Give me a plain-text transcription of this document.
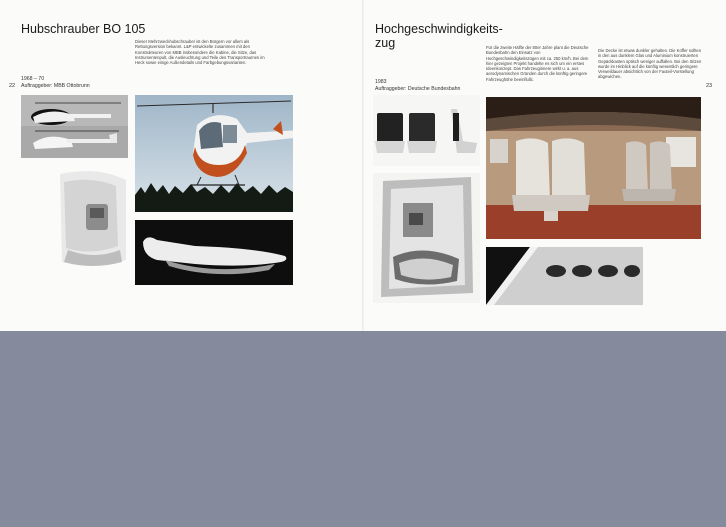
Hubschrauber BO 105
Dieser Mehrzweckhubschrauber ist den Bürgern vor allem als Rettungsversion bekannt. L&P entwickelte zusammen mit den Konstrukteuren von MBB insbesondere die Kabine, die Sitze, das Instrumentenpult, die Ausleuchtung und Teile des Transportraumes im Heck sowie einige Außendetails und Farbgebungsvarianten.
1968 – 70
22 Auftraggeber: MBB Ottobrunn
Hochgeschwindigkeits-
zug	Für die zweite Hälfte der 80er Jahre plant die Deutsche Bundesbahn den Einsatz von Hochgeschwindigkeitszügen mit ca. 250 km/h. Bei dem hier gezeigten Projekt handelte es sich um ein erstes Ideenkonzept. Das Fahrzeuginnere wirkt u. a. aus aerodynamischen Gründen durch die künftig geringere Fahrzeughöhe beeinflußt.
Die Decke ist etwas dunkler gehalten. Die Koffer sollten in den aus dunklem Glas und Aluminium konstruierten Gepäckkasten optisch weniger auffallen. Bei den Sitzen wurde im Hinblick auf die künftig wesentlich geringere Verweildauer absichtlich von der Fauteil-Vorstellung abgewichen.
1983
Auftraggeber: Deutsche Bundesbahn	23
